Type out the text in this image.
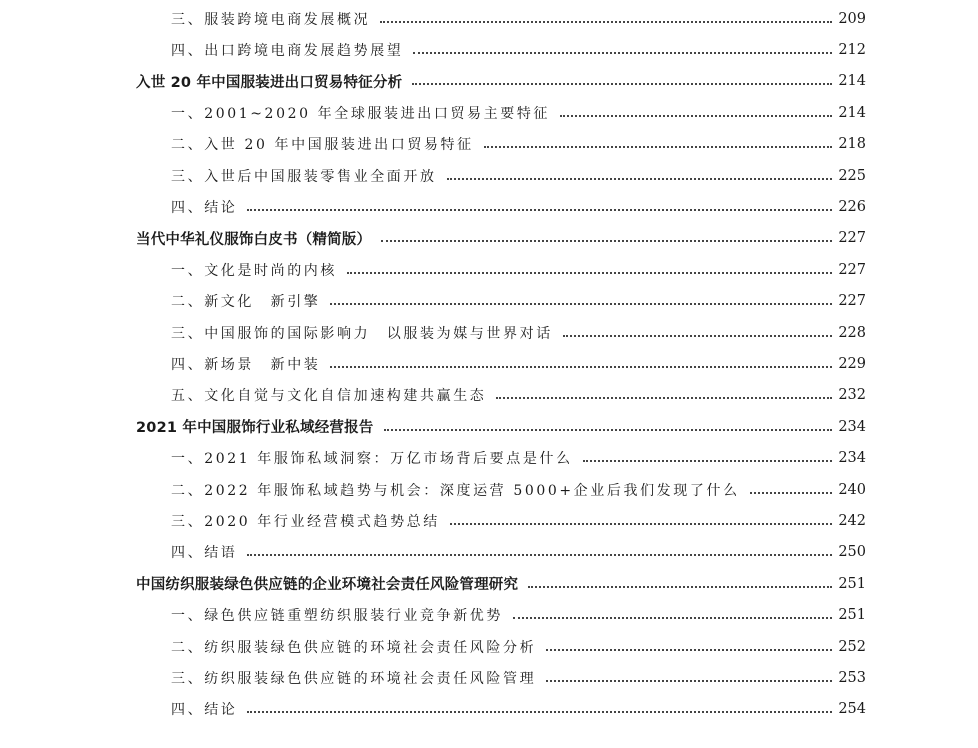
三、服装跨境电商发展概况	209
四、出口跨境电商发展趋势展望	212
入世 20 年中国服装进出口贸易特征分析	214
一、2001~2020 年全球服装进出口贸易主要特征	214
二、入世 20 年中国服装进出口贸易特征	218
三、入世后中国服装零售业全面开放	225
四、结论	226
当代中华礼仪服饰白皮书（精简版）	227
一、文化是时尚的内核	227
二、新文化　新引擎	227
三、中国服饰的国际影响力　以服装为媒与世界对话	228
四、新场景　新中装	229
五、文化自觉与文化自信加速构建共赢生态	232
2021 年中国服饰行业私域经营报告	234
一、2021 年服饰私域洞察：万亿市场背后要点是什么	234
二、2022 年服饰私域趋势与机会：深度运营 5000+企业后我们发现了什么	240
三、2020 年行业经营模式趋势总结	242
四、结语	250
中国纺织服装绿色供应链的企业环境社会责任风险管理研究	251
一、绿色供应链重塑纺织服装行业竞争新优势	251
二、纺织服装绿色供应链的环境社会责任风险分析	252
三、纺织服装绿色供应链的环境社会责任风险管理	253
四、结论	254
